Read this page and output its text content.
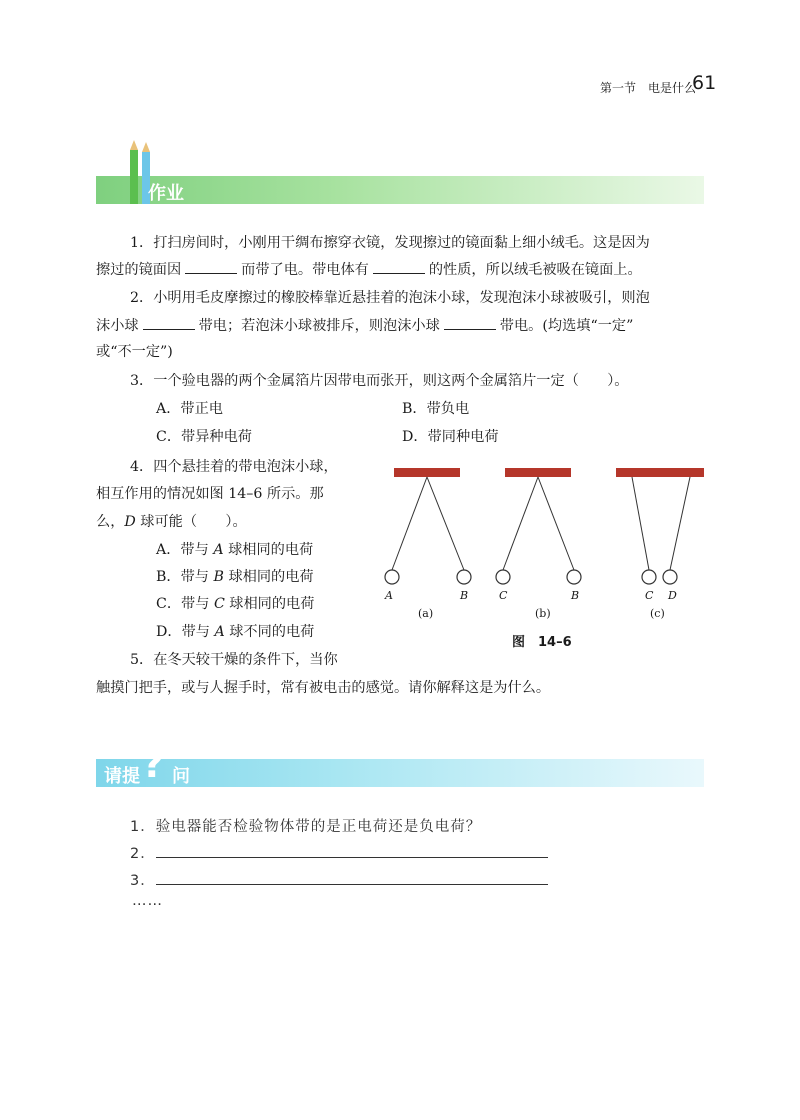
第一节　电是什么
61
作业
1．打扫房间时，小刚用干绸布擦穿衣镜，发现擦过的镜面黏上细小绒毛。这是因为
擦过的镜面因	而带了电。带电体有	的性质，所以绒毛被吸在镜面上。
2．小明用毛皮摩擦过的橡胶棒靠近悬挂着的泡沫小球，发现泡沫小球被吸引，则泡
沫小球	带电；若泡沫小球被排斥，则泡沫小球	带电。(均选填“一定”
或“不一定”)
3．一个验电器的两个金属箔片因带电而张开，则这两个金属箔片一定（　　）。
A．带正电	B．带负电
C．带异种电荷	D．带同种电荷
4．四个悬挂着的带电泡沫小球，
相互作用的情况如图 14–6 所示。那
么，D 球可能（　　）。
A．带与 A 球相同的电荷
B．带与 B 球相同的电荷
C．带与 C 球相同的电荷
D．带与 A 球不同的电荷
A	B	C	B	C D
(a)	(b)	(c)
图　14–6
5．在冬天较干燥的条件下，当你
触摸门把手，或与人握手时，常有被电击的感觉。请你解释这是为什么。
请提 ? 问
1．验电器能否检验物体带的是正电荷还是负电荷？
2．
3．
……
